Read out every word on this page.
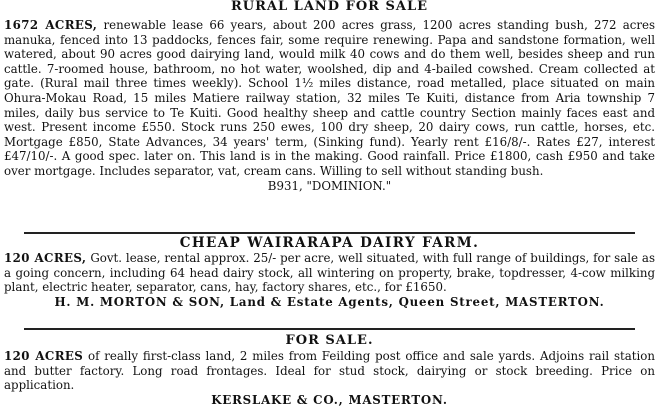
RURAL LAND FOR SALE

1672 ACRES, renewable lease 66 years, about 200 acres grass, 1200 acres standing bush, 272 acres manuka, fenced into 13 paddocks, fences fair, some require renewing. Papa and sandstone formation, well watered, about 90 acres good dairying land, would milk 40 cows and do them well, besides sheep and run cattle. 7-roomed house, bathroom, no hot water, woolshed, dip and 4-bailed cowshed. Cream collected at gate. (Rural mail three times weekly). School 1½ miles distance, road metalled, place situated on main Ohura-Mokau Road, 15 miles Matiere railway station, 32 miles Te Kuiti, distance from Aria township 7 miles, daily bus service to Te Kuiti. Good healthy sheep and cattle country Section mainly faces east and west. Present income £550. Stock runs 250 ewes, 100 dry sheep, 20 dairy cows, run cattle, horses, etc. Mortgage £850, State Advances, 34 years' term, (Sinking fund). Yearly rent £16/8/-. Rates £27, interest £47/10/-. A good spec. later on. This land is in the making. Good rainfall. Price £1800, cash £950 and take over mortgage. Includes separator, vat, cream cans. Willing to sell without standing bush.

B931, "DOMINION."

CHEAP WAIRARAPA DAIRY FARM.

120 ACRES, Govt. lease, rental approx. 25/- per acre, well situated, with full range of buildings, for sale as a going concern, including 64 head dairy stock, all wintering on property, brake, topdresser, 4-cow milking plant, electric heater, separator, cans, hay, factory shares, etc., for £1650.

H. M. MORTON & SON, Land & Estate Agents, Queen Street, MASTERTON.

FOR SALE.

120 ACRES of really first-class land, 2 miles from Feilding post office and sale yards. Adjoins rail station and butter factory. Long road frontages. Ideal for stud stock, dairying or stock breeding. Price on application.

KERSLAKE & CO., MASTERTON.
